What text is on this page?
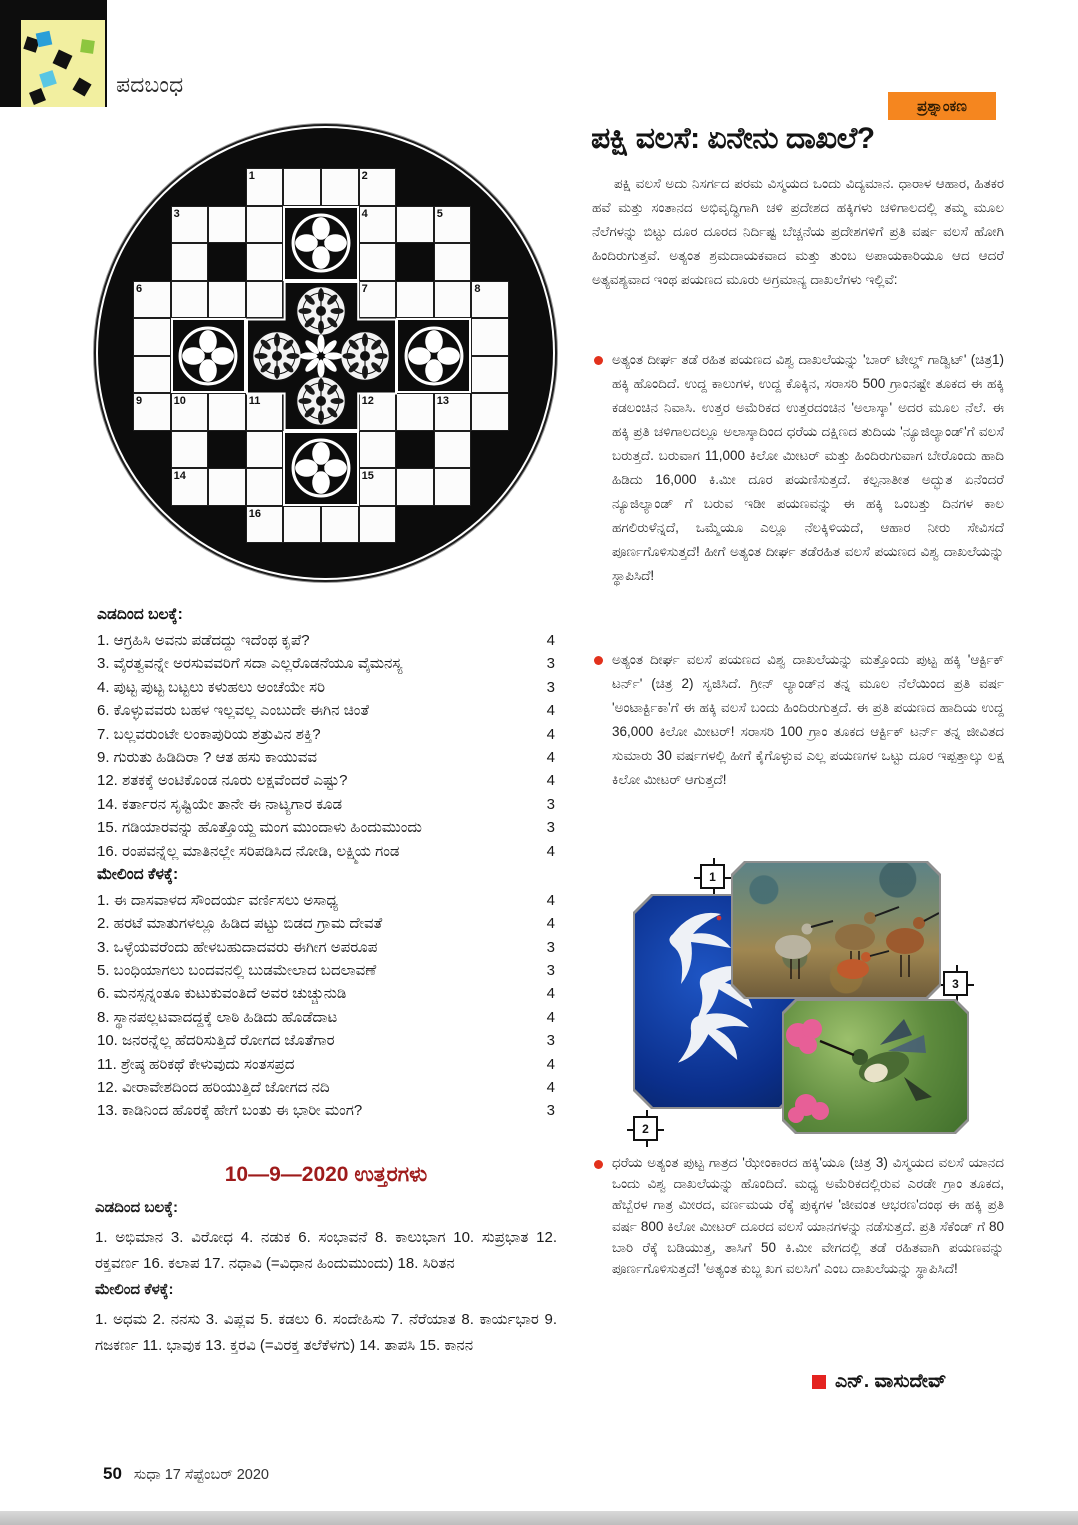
ಪದಬಂಧ
ಪ್ರಶ್ನಾಂಕಣ
ಪಕ್ಷಿ ವಲಸೆ: ಏನೇನು ದಾಖಲೆ?
ಪಕ್ಷಿ ವಲಸೆ ಅದು ನಿಸರ್ಗದ ಪರಮ ವಿಸ್ಮಯದ ಒಂದು ವಿದ್ಯಮಾನ. ಧಾರಾಳ ಆಹಾರ, ಹಿತಕರ ಹವೆ ಮತ್ತು ಸಂತಾನದ ಅಭಿವೃದ್ಧಿಗಾಗಿ ಚಳಿ ಪ್ರದೇಶದ ಹಕ್ಕಿಗಳು ಚಳಿಗಾಲದಲ್ಲಿ ತಮ್ಮ ಮೂಲ ನೆಲೆಗಳನ್ನು ಬಿಟ್ಟು ದೂರ ದೂರದ ನಿರ್ದಿಷ್ಟ ಬೆಚ್ಚನೆಯ ಪ್ರದೇಶಗಳಿಗೆ ಪ್ರತಿ ವರ್ಷ ವಲಸೆ ಹೋಗಿ ಹಿಂದಿರುಗುತ್ತವೆ. ಅತ್ಯಂತ ಶ್ರಮದಾಯಕವಾದ ಮತ್ತು ತುಂಬ ಅಪಾಯಕಾರಿಯೂ ಆದ ಆದರೆ ಅತ್ಯವಶ್ಯವಾದ ಇಂಥ ಪಯಣದ ಮೂರು ಅಗ್ರಮಾನ್ಯ ದಾಖಲೆಗಳು ಇಲ್ಲಿವೆ:
ಅತ್ಯಂತ ದೀರ್ಘ ತಡೆ ರಹಿತ ಪಯಣದ ವಿಶ್ವ ದಾಖಲೆಯನ್ನು 'ಬಾರ್ ಟೇಲ್ಡ್ ಗಾಡ್ವಿಟ್' (ಚಿತ್ರ1) ಹಕ್ಕಿ ಹೊಂದಿದೆ. ಉದ್ದ ಕಾಲುಗಳ, ಉದ್ದ ಕೊಕ್ಕಿನ, ಸರಾಸರಿ 500 ಗ್ರಾಂನಷ್ಟೇ ತೂಕದ ಈ ಹಕ್ಕಿ ಕಡಲಂಚಿನ ನಿವಾಸಿ. ಉತ್ತರ ಅಮೆರಿಕದ ಉತ್ತರದಂಚಿನ 'ಅಲಾಸ್ಕಾ' ಅದರ ಮೂಲ ನೆಲೆ. ಈ ಹಕ್ಕಿ ಪ್ರತಿ ಚಳಿಗಾಲದಲ್ಲೂ ಅಲಾಸ್ಕಾದಿಂದ ಧರೆಯ ದಕ್ಷಿಣದ ತುದಿಯ 'ನ್ಯೂಜಿಲ್ಯಾಂಡ್'ಗೆ ವಲಸೆ ಬರುತ್ತದೆ. ಬರುವಾಗ 11,000 ಕಿಲೋ ಮೀಟರ್ ಮತ್ತು ಹಿಂದಿರುಗುವಾಗ ಬೇರೊಂದು ಹಾದಿ ಹಿಡಿದು 16,000 ಕಿ.ಮೀ ದೂರ ಪಯಣಿಸುತ್ತದೆ. ಕಲ್ಪನಾತೀತ ಅದ್ಭುತ ಏನೆಂದರೆ ನ್ಯೂಜಿಲ್ಯಾಂಡ್ ಗೆ ಬರುವ ಇಡೀ ಪಯಣವನ್ನು ಈ ಹಕ್ಕಿ ಒಂಬತ್ತು ದಿನಗಳ ಕಾಲ ಹಗಲಿರುಳೆನ್ನದೆ, ಒಮ್ಮೆಯೂ ಎಲ್ಲೂ ನೆಲಕ್ಕಿಳಿಯದೆ, ಆಹಾರ ನೀರು ಸೇವಿಸದೆ ಪೂರ್ಣಗೊಳಿಸುತ್ತದೆ! ಹೀಗೆ ಅತ್ಯಂತ ದೀರ್ಘ ತಡೆರಹಿತ ವಲಸೆ ಪಯಣದ ವಿಶ್ವ ದಾಖಲೆಯನ್ನು ಸ್ಥಾಪಿಸಿದೆ!
ಅತ್ಯಂತ ದೀರ್ಘ ವಲಸೆ ಪಯಣದ ವಿಶ್ವ ದಾಖಲೆಯನ್ನು ಮತ್ತೊಂದು ಪುಟ್ಟ ಹಕ್ಕಿ 'ಆರ್ಕ್ಟಿಕ್ ಟರ್ನ್' (ಚಿತ್ರ 2) ಸೃಜಿಸಿದೆ. ಗ್ರೀನ್ ಲ್ಯಾಂಡ್‌ನ ತನ್ನ ಮೂಲ ನೆಲೆಯಿಂದ ಪ್ರತಿ ವರ್ಷ 'ಅಂಟಾರ್ಕ್ಟಿಕಾ'ಗೆ ಈ ಹಕ್ಕಿ ವಲಸೆ ಬಂದು ಹಿಂದಿರುಗುತ್ತದೆ. ಈ ಪ್ರತಿ ಪಯಣದ ಹಾದಿಯ ಉದ್ದ 36,000 ಕಿಲೋ ಮೀಟರ್! ಸರಾಸರಿ 100 ಗ್ರಾಂ ತೂಕದ ಆರ್ಕ್ಟಿಕ್ ಟರ್ನ್ ತನ್ನ ಜೀವಿತದ ಸುಮಾರು 30 ವರ್ಷಗಳಲ್ಲಿ ಹೀಗೆ ಕೈಗೊಳ್ಳುವ ಎಲ್ಲ ಪಯಣಗಳ ಒಟ್ಟು ದೂರ ಇಪ್ಪತ್ತಾಲ್ಕು ಲಕ್ಷ ಕಿಲೋ ಮೀಟರ್ ಆಗುತ್ತದೆ!
ಧರೆಯ ಅತ್ಯಂತ ಪುಟ್ಟ ಗಾತ್ರದ 'ಝೇಂಕಾರದ ಹಕ್ಕಿ'ಯೂ (ಚಿತ್ರ 3) ವಿಸ್ಮಯದ ವಲಸೆ ಯಾನದ ಒಂದು ವಿಶ್ವ ದಾಖಲೆಯನ್ನು ಹೊಂದಿದೆ. ಮಧ್ಯ ಅಮೆರಿಕದಲ್ಲಿರುವ ಎರಡೇ ಗ್ರಾಂ ತೂಕದ, ಹೆಬ್ಬೆರಳ ಗಾತ್ರ ಮೀರದ, ವರ್ಣಮಯ ರೆಕ್ಕೆ ಪುಕ್ಕಗಳ 'ಜೀವಂತ ಆಭರಣ'ದಂಥ ಈ ಹಕ್ಕಿ ಪ್ರತಿ ವರ್ಷ 800 ಕಿಲೋ ಮೀಟರ್ ದೂರದ ವಲಸೆ ಯಾನಗಳನ್ನು ನಡೆಸುತ್ತದೆ. ಪ್ರತಿ ಸೆಕೆಂಡ್ ಗೆ 80 ಬಾರಿ ರೆಕ್ಕೆ ಬಡಿಯುತ್ತ, ತಾಸಿಗೆ 50 ಕಿ.ಮೀ ವೇಗದಲ್ಲಿ ತಡೆ ರಹಿತವಾಗಿ ಪಯಣವನ್ನು ಪೂರ್ಣಗೊಳಿಸುತ್ತದೆ! 'ಅತ್ಯಂತ ಕುಬ್ಜ ಖಗ ವಲಸಿಗ' ಎಂಬ ದಾಖಲೆಯನ್ನು ಸ್ಥಾಪಿಸಿದೆ!
1
2
3
ಎನ್. ವಾಸುದೇವ್
1	2
3	4	5
6	7	8
9	10	11	12	13
14	15
16
ಎಡದಿಂದ ಬಲಕ್ಕೆ:
1. ಆಗ್ರಹಿಸಿ ಅವನು ಪಡೆದದ್ದು ಇದೆಂಥ ಕೃಪೆ?	4
3. ವೈರತ್ವವನ್ನೇ ಅರಸುವವರಿಗೆ ಸದಾ ಎಲ್ಲರೊಡನೆಯೂ ವೈಮನಸ್ಯ	3
4. ಪುಟ್ಟ ಪುಟ್ಟ ಬಟ್ಟಲು ಕಳುಹಲು ಅಂಚೆಯೇ ಸರಿ	3
6. ಕೊಳ್ಳುವವರು ಬಹಳ ಇಲ್ಲವಲ್ಲ ಎಂಬುದೇ ಈಗಿನ ಚಿಂತೆ	4
7. ಬಲ್ಲವರುಂಟೇ ಲಂಕಾಪುರಿಯ ಶತ್ರುವಿನ ಶಕ್ತಿ?	4
9. ಗುರುತು ಹಿಡಿದಿರಾ ? ಆತ ಹಸು ಕಾಯುವವ	4
12. ಶತಕಕ್ಕೆ ಅಂಟಿಕೊಂಡ ನೂರು ಲಕ್ಷವೆಂದರೆ ಎಷ್ಟು?	4
14. ಕರ್ತಾರನ ಸೃಷ್ಟಿಯೇ ತಾನೇ ಈ ನಾಟ್ಯಗಾರ ಕೂಡ	3
15. ಗಡಿಯಾರವನ್ನು ಹೊತ್ತೊಯ್ದ ಮಂಗ ಮುಂದಾಳು ಹಿಂದುಮುಂದು	3
16. ರಂಪವನ್ನೆಲ್ಲ ಮಾತಿನಲ್ಲೇ ಸರಿಪಡಿಸಿದ ನೋಡಿ, ಲಕ್ಷ್ಮಿಯ ಗಂಡ	4
ಮೇಲಿಂದ ಕೆಳಕ್ಕೆ:
1. ಈ ದಾಸವಾಳದ ಸೌಂದರ್ಯ ವರ್ಣಿಸಲು ಅಸಾಧ್ಯ	4
2. ಹರಟೆ ಮಾತುಗಳಲ್ಲೂ ಹಿಡಿದ ಪಟ್ಟು ಬಿಡದ ಗ್ರಾಮ ದೇವತೆ	4
3. ಒಳ್ಳೆಯವರೆಂದು ಹೇಳಬಹುದಾದವರು ಈಗೀಗ ಅಪರೂಪ	3
5. ಬಂಧಿಯಾಗಲು ಬಂದವನಲ್ಲಿ ಬುಡಮೇಲಾದ ಬದಲಾವಣೆ	3
6. ಮನಸ್ಸನ್ನಂತೂ ಕುಟುಕುವಂತಿದೆ ಅವರ ಚುಚ್ಚುನುಡಿ	4
8. ಸ್ಥಾನಪಲ್ಲಟವಾದದ್ದಕ್ಕೆ ಲಾಠಿ ಹಿಡಿದು ಹೊಡೆದಾಟ	4
10. ಜನರನ್ನೆಲ್ಲ ಹೆದರಿಸುತ್ತಿದೆ ರೋಗದ ಜೊತೆಗಾರ	3
11. ಶ್ರೇಷ್ಠ ಹರಿಕಥೆ ಕೇಳುವುದು ಸಂತಸಪ್ರದ	4
12. ವೀರಾವೇಶದಿಂದ ಹರಿಯುತ್ತಿದೆ ಜೋಗದ ನದಿ	4
13. ಕಾಡಿನಿಂದ ಹೊರಕ್ಕೆ ಹೇಗೆ ಬಂತು ಈ ಭಾರೀ ಮಂಗ?	3
10—9—2020 ಉತ್ತರಗಳು
ಎಡದಿಂದ ಬಲಕ್ಕೆ:
1. ಅಭಿಮಾನ 3. ವಿರೋಧ 4. ನಡುಕ 6. ಸಂಭಾವನೆ 8. ಕಾಲುಭಾಗ 10. ಸುಪ್ರಭಾತ 12. ರಕ್ತವರ್ಣ 16. ಕಲಾಪ 17. ನಧಾವಿ (=ವಿಧಾನ ಹಿಂದುಮುಂದು) 18. ಸಿರಿತನ
ಮೇಲಿಂದ ಕೆಳಕ್ಕೆ:
1. ಅಧಮ 2. ನನಸು 3. ವಿಪ್ಲವ 5. ಕಡಲು 6. ಸಂದೇಹಿಸು 7. ನೆರೆಯಾತ 8. ಕಾರ್ಯಭಾರ 9. ಗಜಕರ್ಣ 11. ಭಾವುಕ 13. ಕ್ತರವಿ (=ವಿರಕ್ತ ತಲೆಕೆಳಗು) 14. ತಾಪಸಿ 15. ಕಾನನ
50 ಸುಧಾ 17 ಸೆಪ್ಟೆಂಬರ್ 2020
